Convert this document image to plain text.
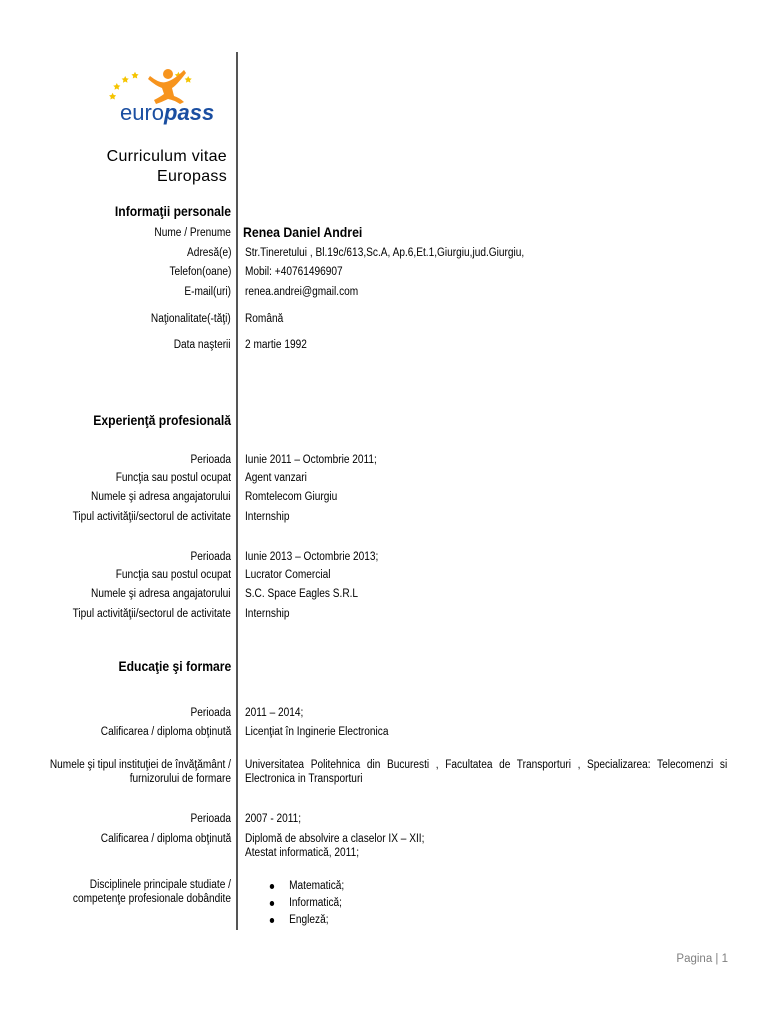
europass
Curriculum vitae
Europass
Informaţii personale
Nume / Prenume Renea Daniel Andrei
Adresă(e) Str.Tineretului , Bl.19c/613,Sc.A, Ap.6,Et.1,Giurgiu,jud.Giurgiu,
Telefon(oane) Mobil: +40761496907
E-mail(uri) renea.andrei@gmail.com
Naţionalitate(-tăţi) Română
Data naşterii 2 martie 1992
Experienţă profesională
Perioada Iunie 2011 – Octombrie 2011;
Funcţia sau postul ocupat Agent vanzari
Numele şi adresa angajatorului Romtelecom Giurgiu
Tipul activităţii/sectorul de activitate Internship
Perioada Iunie 2013 – Octombrie 2013;
Funcţia sau postul ocupat Lucrator Comercial
Numele şi adresa angajatorului S.C. Space Eagles S.R.L
Tipul activităţii/sectorul de activitate Internship
Educaţie şi formare
Perioada 2011 – 2014;
Calificarea / diploma obţinută Licenţiat în Inginerie Electronica
Numele şi tipul instituţiei de învăţământ / furnizorului de formare
Universitatea Politehnica din Bucuresti , Facultatea de Transporturi , Specializarea: Telecomenzi si Electronica in Transporturi
Perioada 2007 - 2011;
Calificarea / diploma obţinută Diplomă de absolvire a claselor IX – XII;
Atestat informatică, 2011;
Disciplinele principale studiate / competenţe profesionale dobândite
Matematică;
Informatică;
Engleză;
Pagina | 1
